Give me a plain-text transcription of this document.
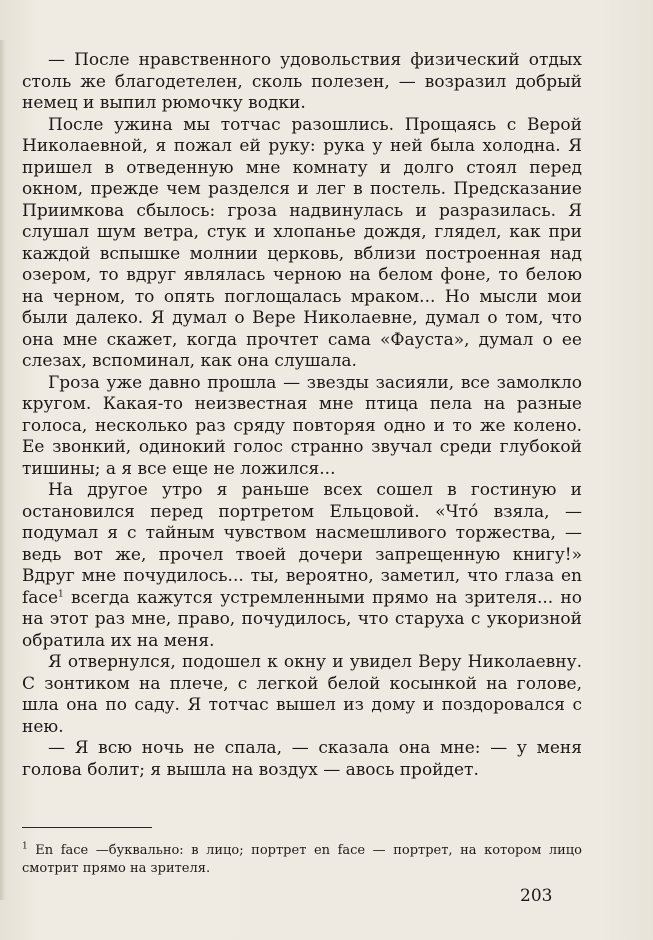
— После нравственного удовольствия физический отдых столь же благодетелен, сколь полезен, — возразил добрый немец и выпил рюмочку водки.

После ужина мы тотчас разошлись. Прощаясь с Верой Николаевной, я пожал ей руку: рука у ней была холодна. Я пришел в отведенную мне комнату и долго стоял перед окном, прежде чем разделся и лег в постель. Предсказание Приимкова сбылось: гроза надвинулась и разразилась. Я слушал шум ветра, стук и хлопанье дождя, глядел, как при каждой вспышке молнии церковь, вблизи построенная над озером, то вдруг являлась черною на белом фоне, то белою на черном, то опять поглощалась мраком... Но мысли мои были далеко. Я думал о Вере Николаевне, думал о том, что она мне скажет, когда прочтет сама «Фауста», думал о ее слезах, вспоминал, как она слушала.

Гроза уже давно прошла — звезды засияли, все замолкло кругом. Какая-то неизвестная мне птица пела на разные голоса, несколько раз сряду повторяя одно и то же колено. Ее звонкий, одинокий голос странно звучал среди глубокой тишины; а я все еще не ложился...

На другое утро я раньше всех сошел в гостиную и остановился перед портретом Ельцовой. «Что́ взяла, — подумал я с тайным чувством насмешливого торжества, — ведь вот же, прочел твоей дочери запрещенную книгу!» Вдруг мне почудилось... ты, вероятно, заметил, что глаза en face$^1$ всегда кажутся устремленными прямо на зрителя... но на этот раз мне, право, почудилось, что старуха с укоризной обратила их на меня.

Я отвернулся, подошел к окну и увидел Веру Николаевну. С зонтиком на плече, с легкой белой косынкой на голове, шла она по саду. Я тотчас вышел из дому и поздоровался с нею.

— Я всю ночь не спала, — сказала она мне: — у меня голова болит; я вышла на воздух — авось пройдет.

$^1$ En face —буквально: в лицо; портрет en face — портрет, на котором лицо смотрит прямо на зрителя.

203
